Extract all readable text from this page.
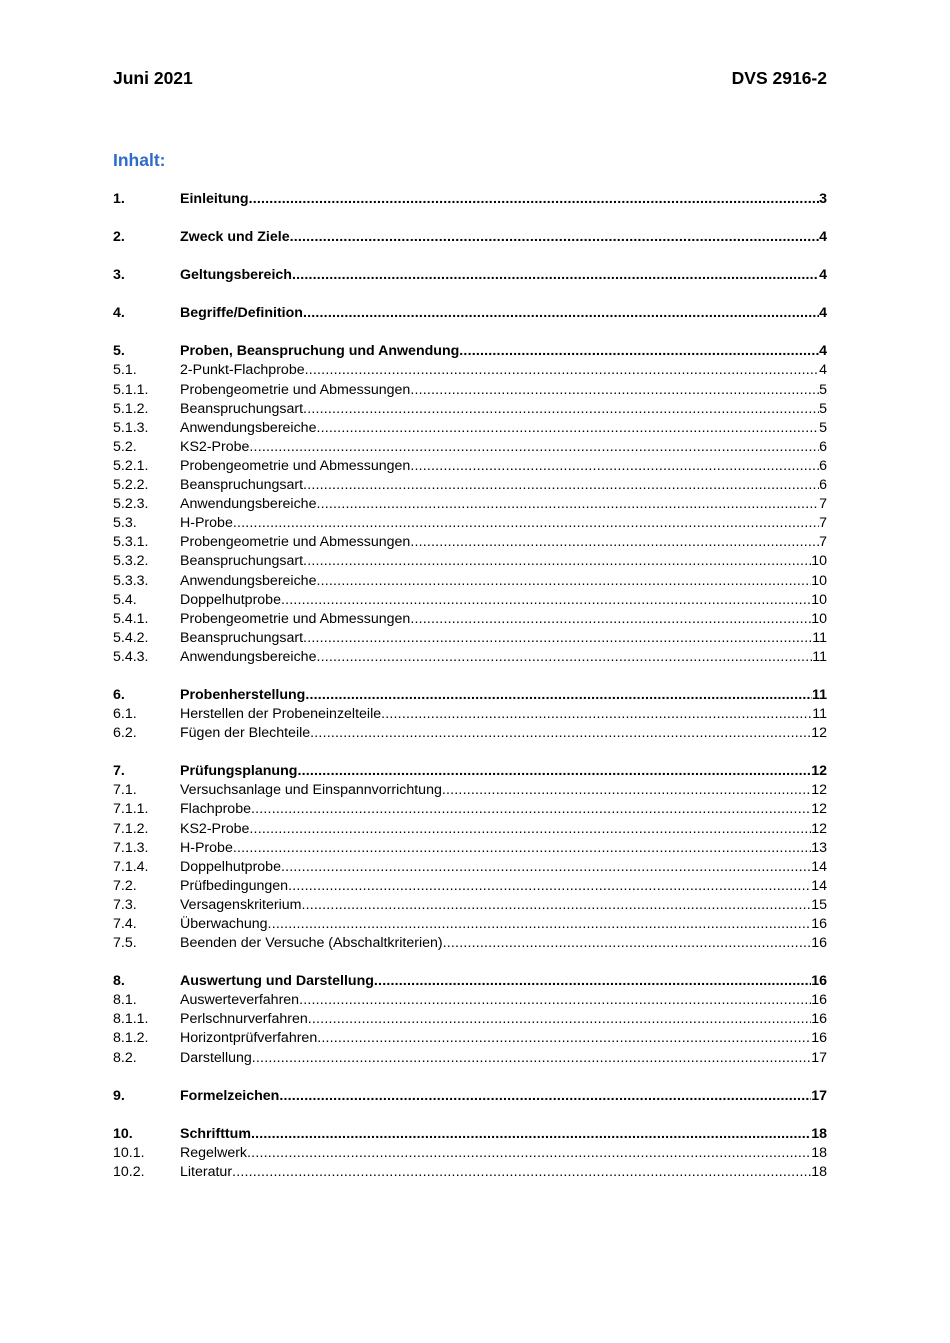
Juni 2021	DVS 2916-2
Inhalt:
1.	Einleitung .....	3
2.	Zweck und Ziele .....	4
3.	Geltungsbereich .....	4
4.	Begriffe/Definition .....	4
5.	Proben, Beanspruchung und Anwendung .....	4
5.1.	2-Punkt-Flachprobe .....	4
5.1.1.	Probengeometrie und Abmessungen .....	5
5.1.2.	Beanspruchungsart .....	5
5.1.3.	Anwendungsbereiche .....	5
5.2.	KS2-Probe .....	6
5.2.1.	Probengeometrie und Abmessungen .....	6
5.2.2.	Beanspruchungsart .....	6
5.2.3.	Anwendungsbereiche .....	7
5.3.	H-Probe .....	7
5.3.1.	Probengeometrie und Abmessungen .....	7
5.3.2.	Beanspruchungsart .....	10
5.3.3.	Anwendungsbereiche .....	10
5.4.	Doppelhutprobe .....	10
5.4.1.	Probengeometrie und Abmessungen .....	10
5.4.2.	Beanspruchungsart .....	11
5.4.3.	Anwendungsbereiche .....	11
6.	Probenherstellung .....	11
6.1.	Herstellen der Probeneinzelteile .....	11
6.2.	Fügen der Blechteile .....	12
7.	Prüfungsplanung .....	12
7.1.	Versuchsanlage und Einspannvorrichtung .....	12
7.1.1.	Flachprobe .....	12
7.1.2.	KS2-Probe .....	12
7.1.3.	H-Probe .....	13
7.1.4.	Doppelhutprobe .....	14
7.2.	Prüfbedingungen .....	14
7.3.	Versagenskriterium .....	15
7.4.	Überwachung .....	16
7.5.	Beenden der Versuche (Abschaltkriterien) .....	16
8.	Auswertung und Darstellung .....	16
8.1.	Auswerteverfahren .....	16
8.1.1.	Perlschnurverfahren .....	16
8.1.2.	Horizontprüfverfahren .....	16
8.2.	Darstellung .....	17
9.	Formelzeichen .....	17
10.	Schrifttum .....	18
10.1.	Regelwerk .....	18
10.2.	Literatur .....	18
